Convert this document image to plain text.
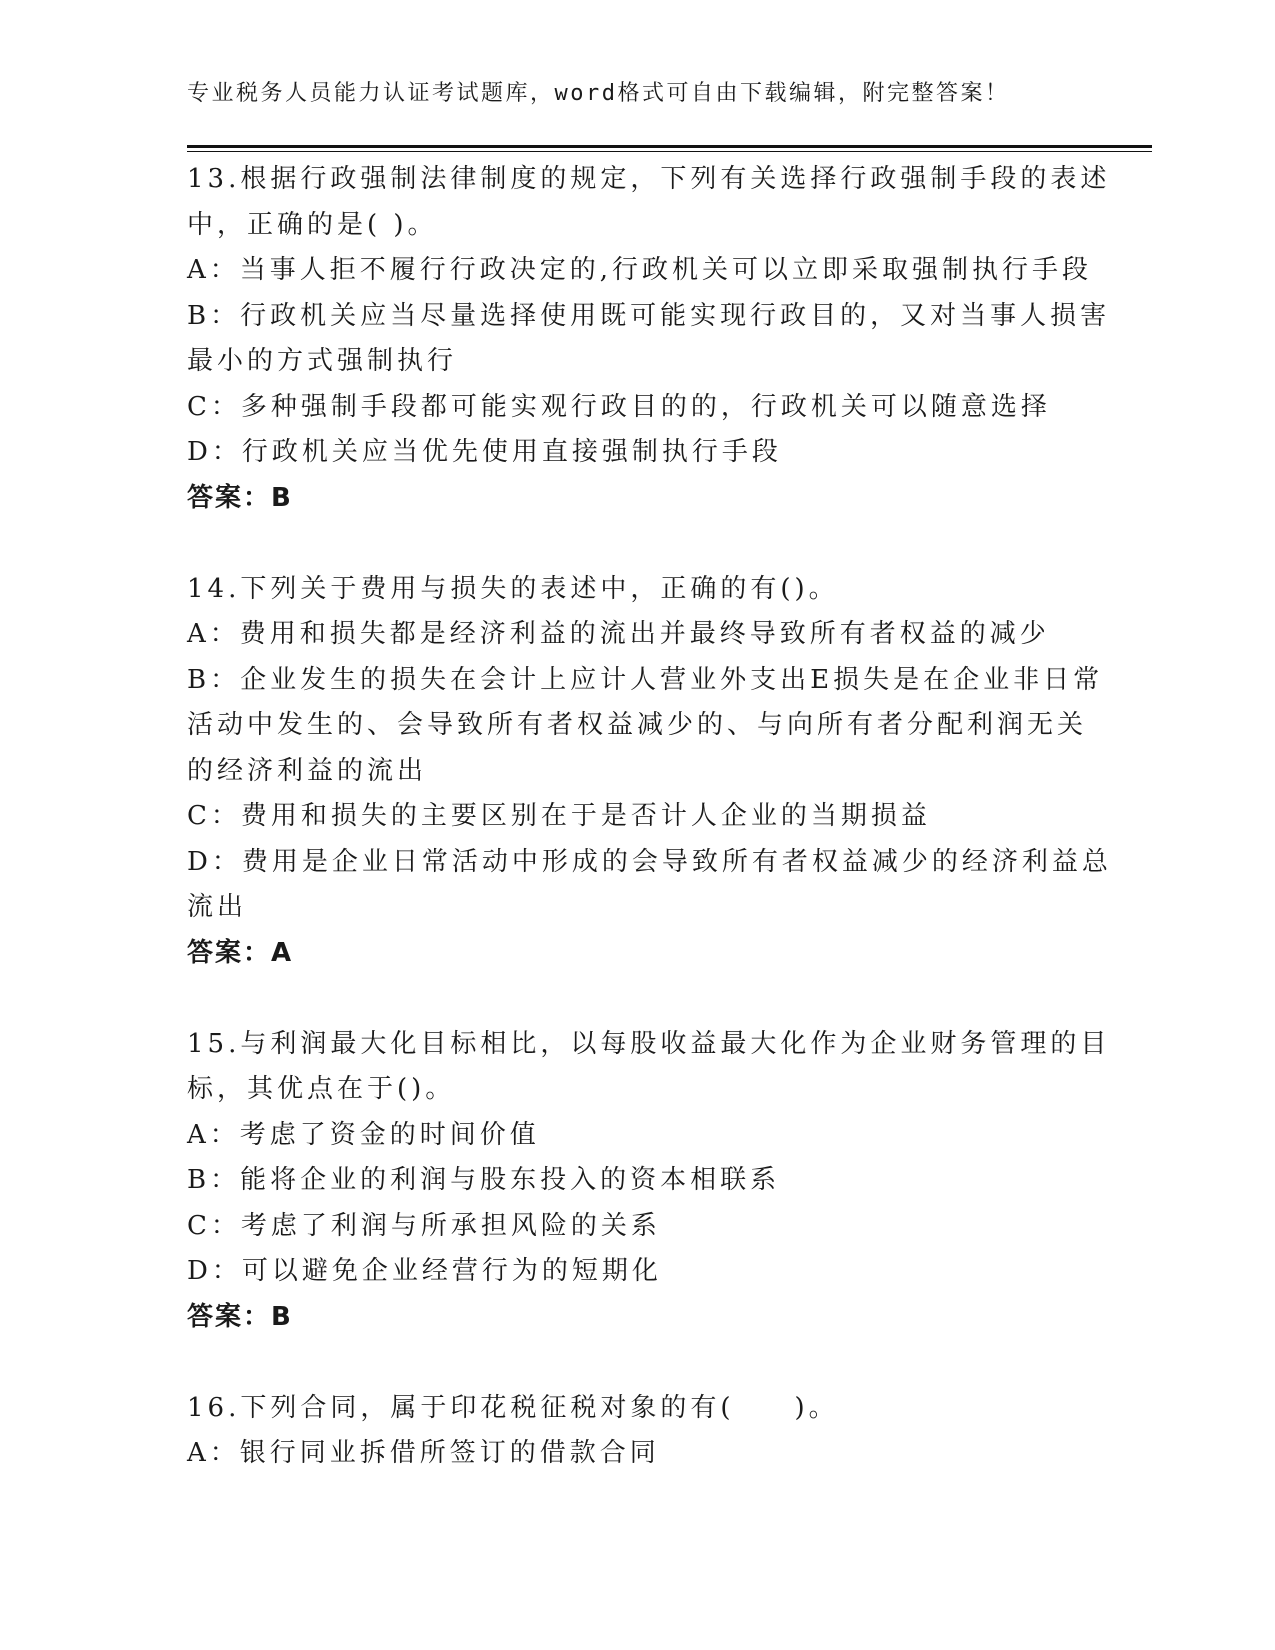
专业税务人员能力认证考试题库，word格式可自由下载编辑，附完整答案！
13.根据行政强制法律制度的规定，下列有关选择行政强制手段的表述
中，正确的是( )。
A：当事人拒不履行行政决定的,行政机关可以立即采取强制执行手段
B：行政机关应当尽量选择使用既可能实现行政目的，又对当事人损害
最小的方式强制执行
C：多种强制手段都可能实观行政目的的，行政机关可以随意选择
D：行政机关应当优先使用直接强制执行手段
答案：B
14.下列关于费用与损失的表述中，正确的有()。
A：费用和损失都是经济利益的流出并最终导致所有者权益的减少
B：企业发生的损失在会计上应计人营业外支出E损失是在企业非日常
活动中发生的、会导致所有者权益减少的、与向所有者分配利润无关
的经济利益的流出
C：费用和损失的主要区别在于是否计人企业的当期损益
D：费用是企业日常活动中形成的会导致所有者权益减少的经济利益总
流出
答案：A
15.与利润最大化目标相比，以每股收益最大化作为企业财务管理的目
标，其优点在于()。
A：考虑了资金的时间价值
B：能将企业的利润与股东投入的资本相联系
C：考虑了利润与所承担风险的关系
D：可以避免企业经营行为的短期化
答案：B
16.下列合同，属于印花税征税对象的有(　　)。
A：银行同业拆借所签订的借款合同
